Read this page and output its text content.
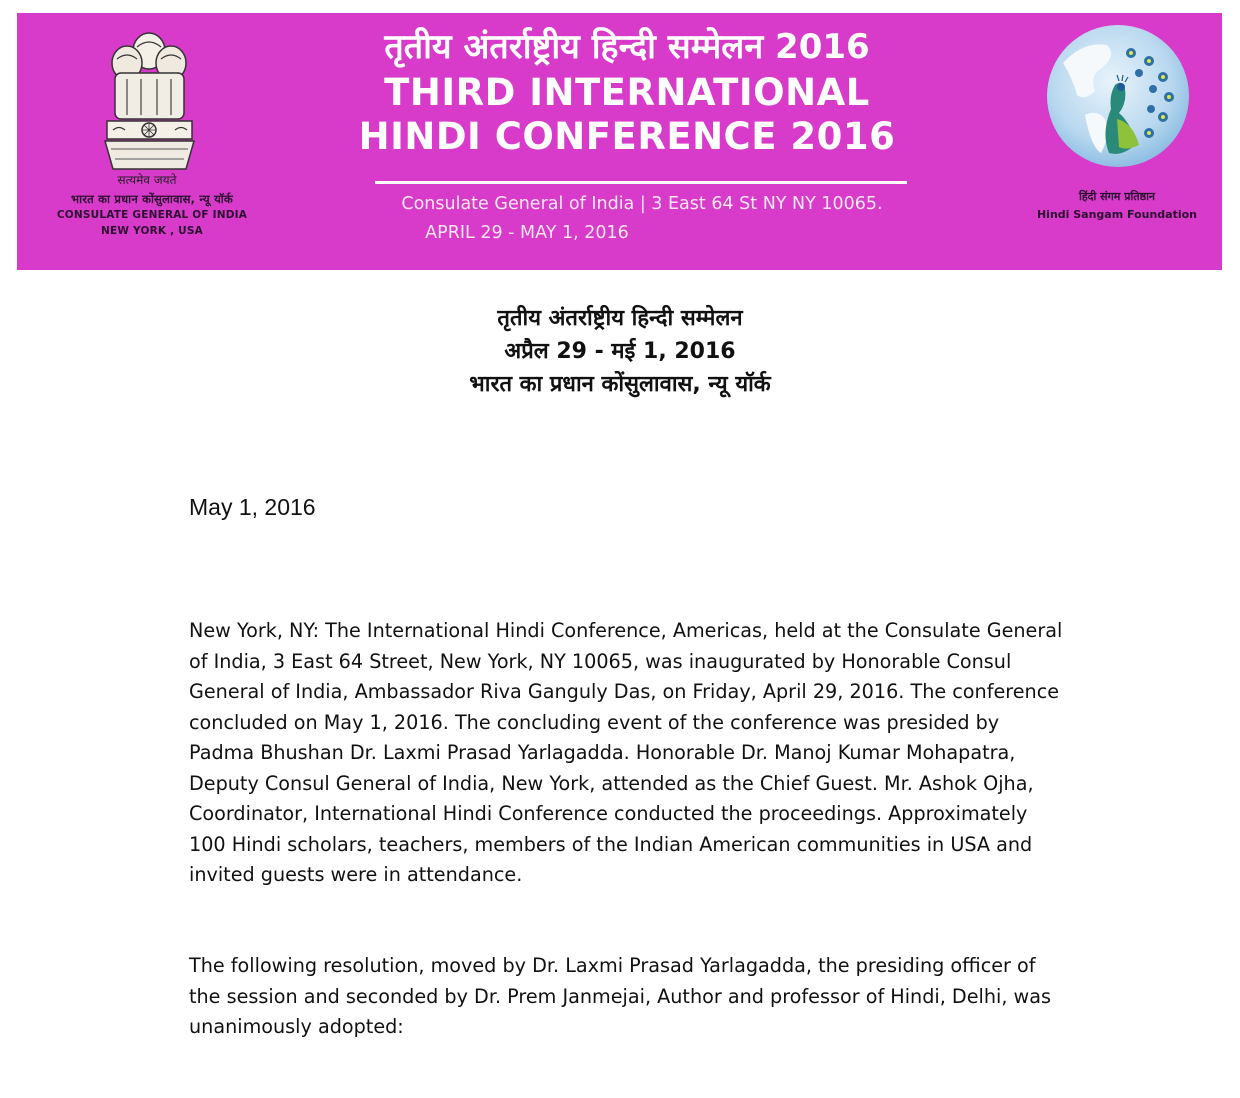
सत्यमेव जयते
भारत का प्रधान कोंसुलावास, न्यू यॉर्क
CONSULATE GENERAL OF INDIA
NEW YORK , USA
तृतीय अंतर्राष्ट्रीय हिन्दी सम्मेलन 2016
THIRD INTERNATIONAL
HINDI CONFERENCE 2016
Consulate General of India | 3 East 64 St NY NY 10065.
APRIL 29 - MAY 1, 2016
हिंदी संगम प्रतिष्ठान
Hindi Sangam Foundation
तृतीय अंतर्राष्ट्रीय हिन्दी सम्मेलन
अप्रैल 29 - मई 1, 2016
भारत का प्रधान कोंसुलावास, न्यू यॉर्क
May 1, 2016

New York, NY: The International Hindi Conference, Americas, held at the Consulate General of India, 3 East 64 Street, New York, NY 10065, was inaugurated by Honorable Consul General of India, Ambassador Riva Ganguly Das, on Friday, April 29, 2016. The conference concluded on May 1, 2016. The concluding event of the conference was presided by Padma Bhushan Dr. Laxmi Prasad Yarlagadda. Honorable Dr. Manoj Kumar Mohapatra, Deputy Consul General of India, New York, attended as the Chief Guest. Mr. Ashok Ojha, Coordinator, International Hindi Conference conducted the proceedings. Approximately 100 Hindi scholars, teachers, members of the Indian American communities in USA and invited guests were in attendance.

The following resolution, moved by Dr. Laxmi Prasad Yarlagadda, the presiding officer of the session and seconded by Dr. Prem Janmejai, Author and professor of Hindi, Delhi, was unanimously adopted:
